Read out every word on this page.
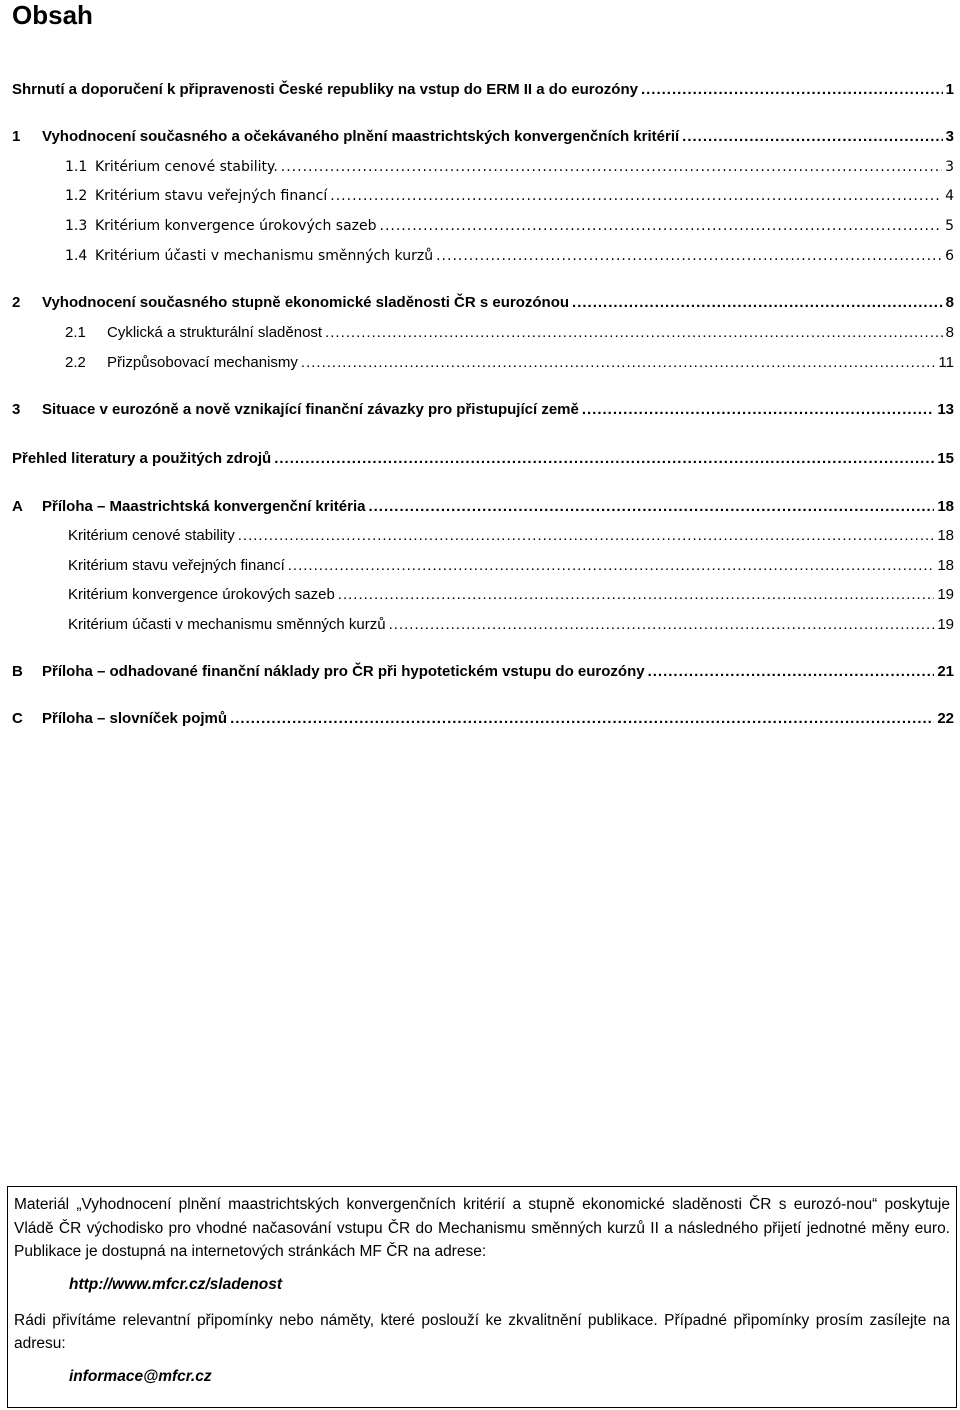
Obsah
Shrnutí a doporučení k připravenosti České republiky na vstup do ERM II a do eurozóny .....	1
1	Vyhodnocení současného a očekávaného plnění maastrichtských konvergenčních kritérií .....	3
1.1 Kritérium cenové stability. .....	3
1.2 Kritérium stavu veřejných financí .....	4
1.3 Kritérium konvergence úrokových sazeb .....	5
1.4 Kritérium účasti v mechanismu směnných kurzů .....	6
2	Vyhodnocení současného stupně ekonomické sladěnosti ČR s eurozónou .....	8
2.1	Cyklická a strukturální sladěnost .....	8
2.2	Přizpůsobovací mechanismy .....	11
3	Situace v eurozóně a nově vznikající finanční závazky pro přistupující země .....	13
Přehled literatury a použitých zdrojů .....	15
A	Příloha – Maastrichtská konvergenční kritéria .....	18
Kritérium cenové stability .....	18
Kritérium stavu veřejných financí .....	18
Kritérium konvergence úrokových sazeb .....	19
Kritérium účasti v mechanismu směnných kurzů .....	19
B	Příloha – odhadované finanční náklady pro ČR při hypotetickém vstupu do eurozóny .....	21
C	Příloha – slovníček pojmů .....	22

Materiál „Vyhodnocení plnění maastrichtských konvergenčních kritérií a stupně ekonomické sladěnosti ČR s eurozó-nou“ poskytuje Vládě ČR východisko pro vhodné načasování vstupu ČR do Mechanismu směnných kurzů II a následného přijetí jednotné měny euro. Publikace je dostupná na internetových stránkách MF ČR na adrese:

http://www.mfcr.cz/sladenost

Rádi přivítáme relevantní připomínky nebo náměty, které poslouží ke zkvalitnění publikace. Případné připomínky prosím zasílejte na adresu:

informace@mfcr.cz
